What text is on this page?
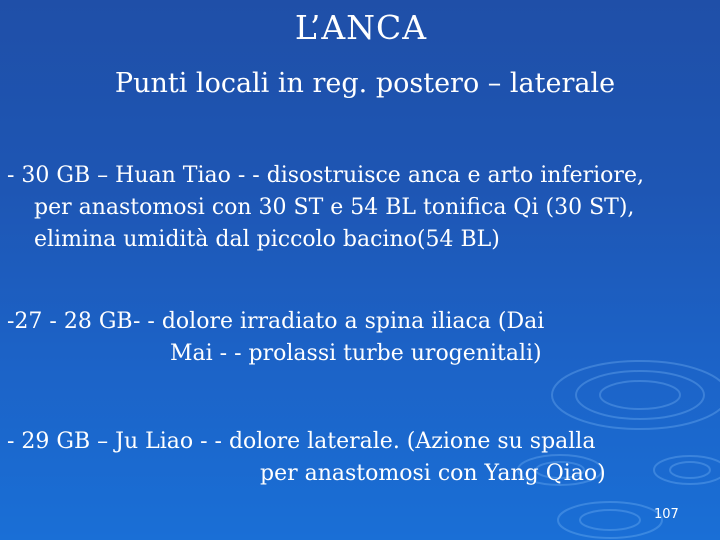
L’ANCA
Punti locali in reg. postero – laterale
- 30 GB – Huan Tiao - - disostruisce anca e arto inferiore,
per anastomosi con 30 ST e 54 BL tonifica Qi (30 ST),
elimina umidità dal piccolo bacino(54 BL)
-27 - 28 GB- - dolore irradiato a spina iliaca (Dai
Mai - - prolassi turbe urogenitali)
- 29 GB – Ju Liao - - dolore laterale. (Azione su spalla
per anastomosi con Yang Qiao)
107
